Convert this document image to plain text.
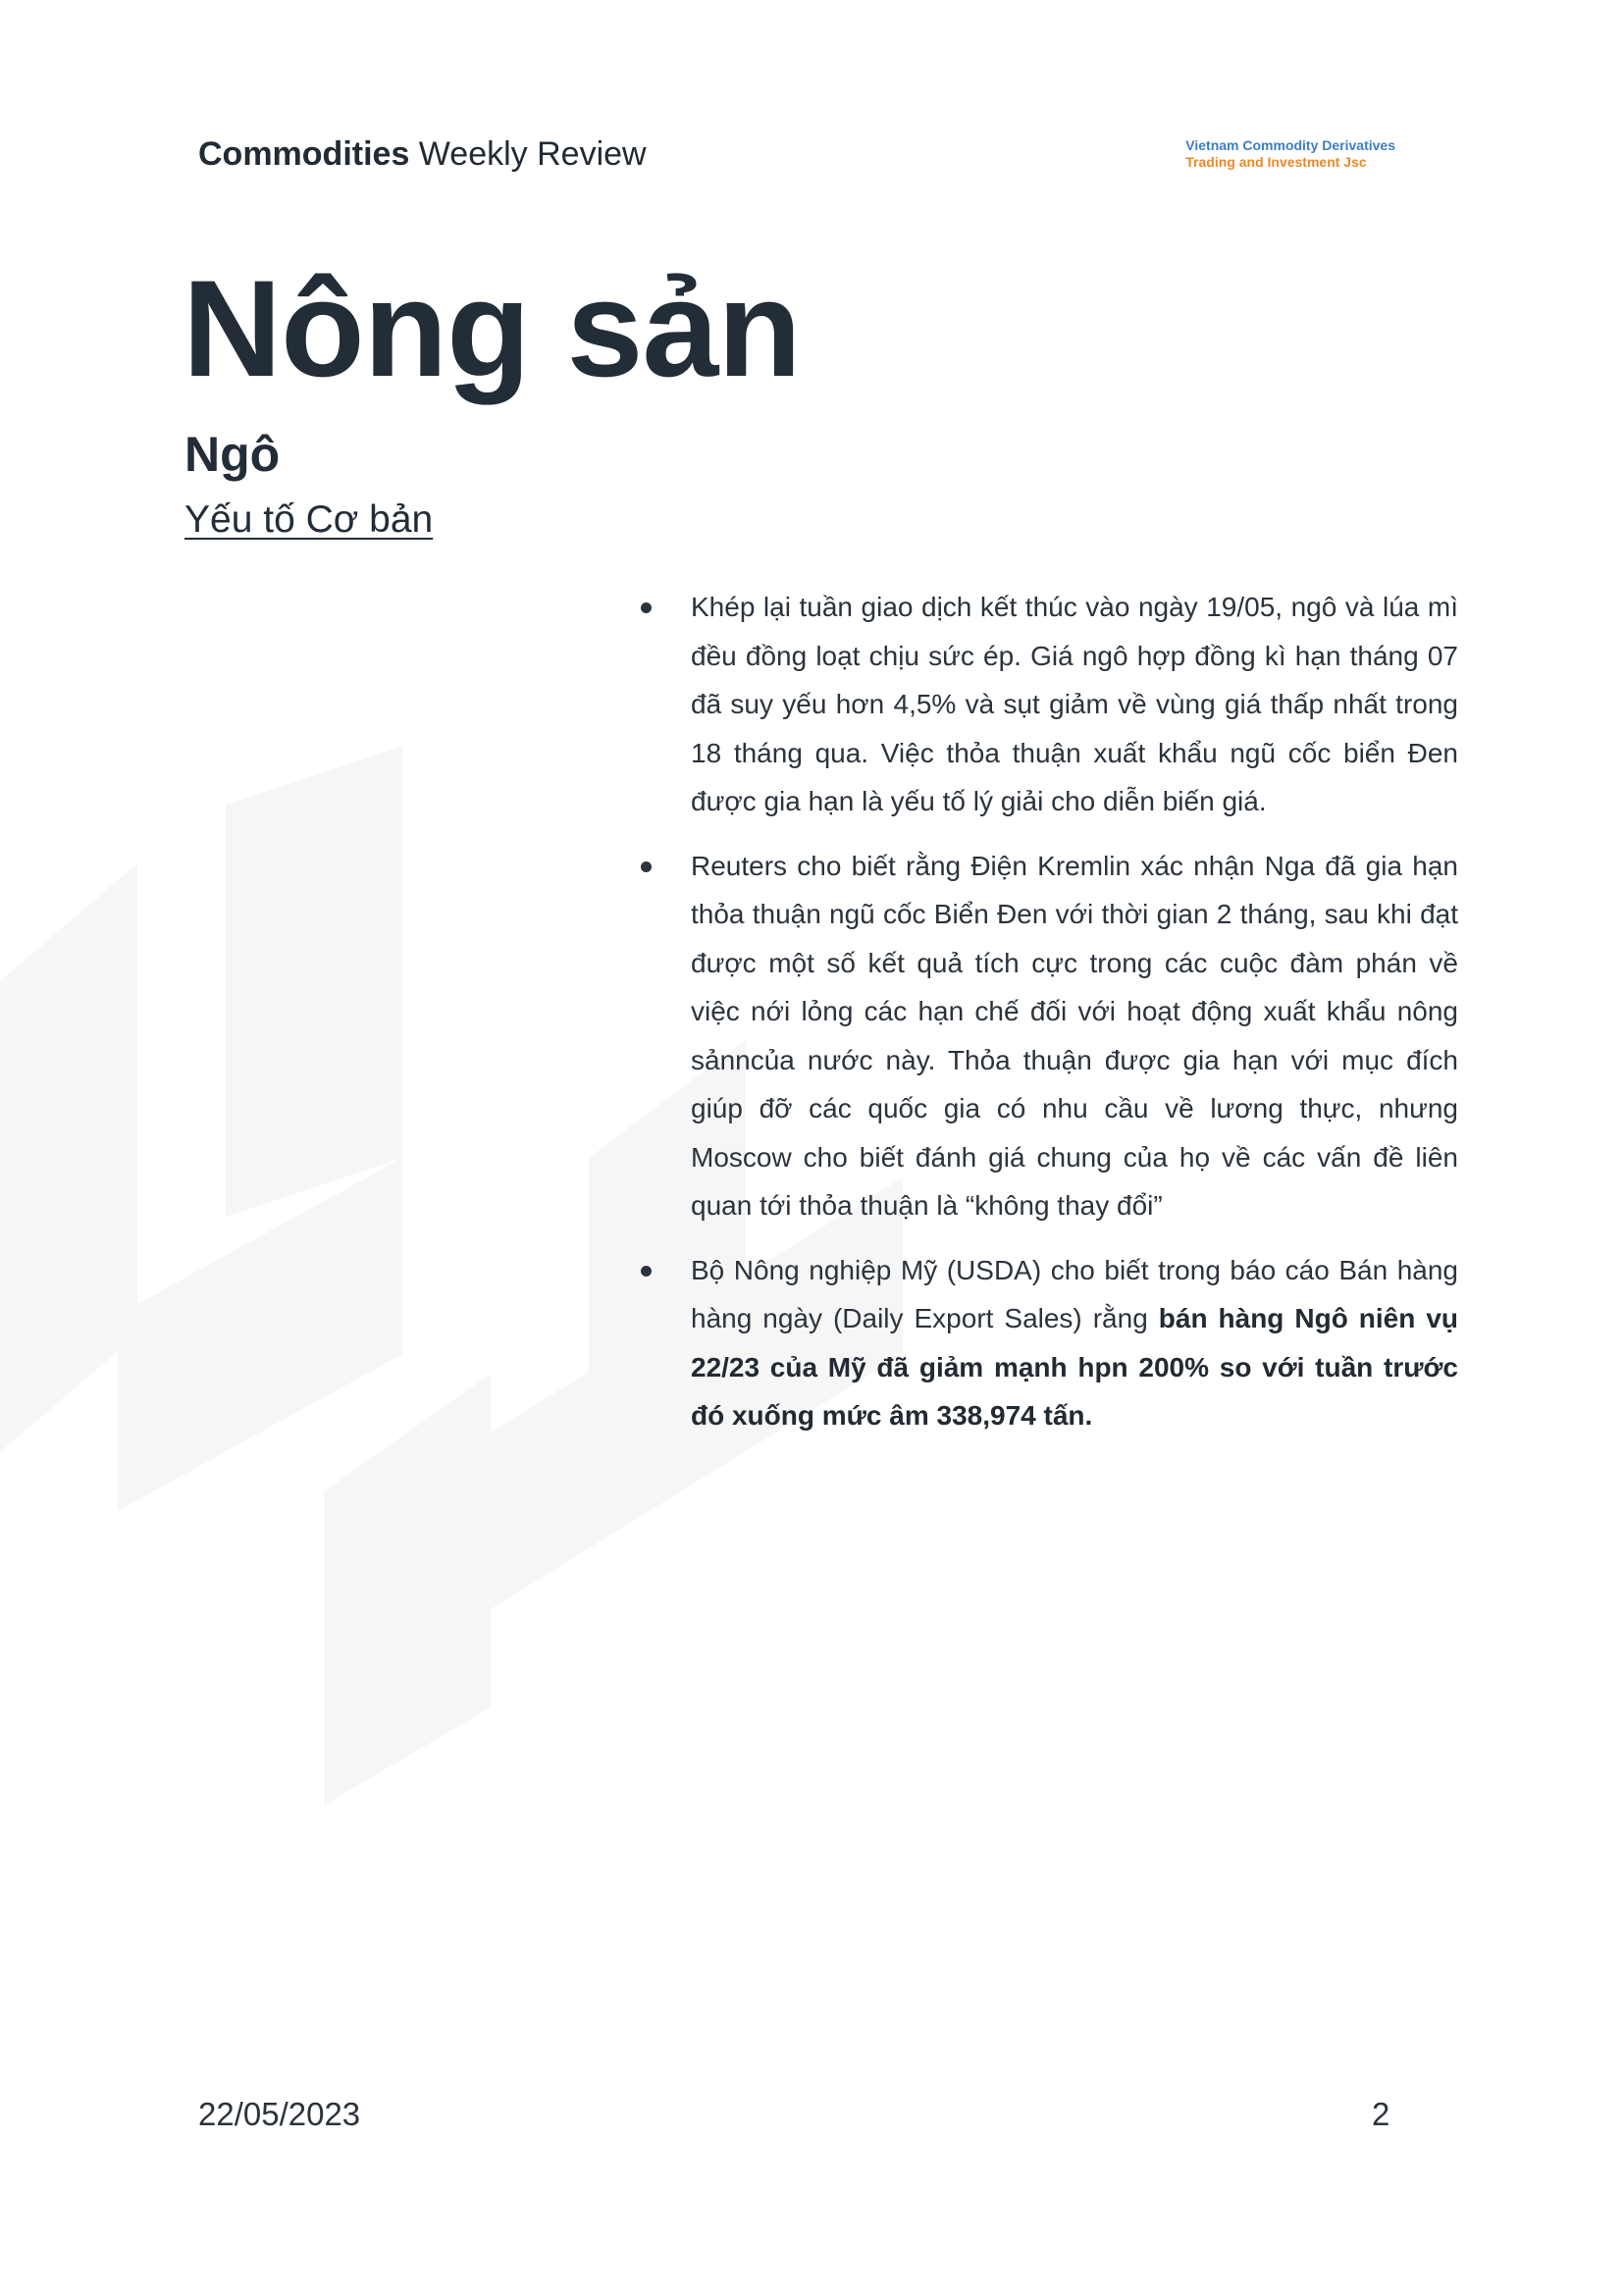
Commodities Weekly Review	Vietnam Commodity Derivatives
Trading and Investment Jsc
Nông sản
Ngô
Yếu tố Cơ bản
Khép lại tuần giao dịch kết thúc vào ngày 19/05, ngô và lúa mì đều đồng loạt chịu sức ép. Giá ngô hợp đồng kì hạn tháng 07 đã suy yếu hơn 4,5% và sụt giảm về vùng giá thấp nhất trong 18 tháng qua. Việc thỏa thuận xuất khẩu ngũ cốc biển Đen được gia hạn là yếu tố lý giải cho diễn biến giá.
Reuters cho biết rằng Điện Kremlin xác nhận Nga đã gia hạn thỏa thuận ngũ cốc Biển Đen với thời gian 2 tháng, sau khi đạt được một số kết quả tích cực trong các cuộc đàm phán về việc nới lỏng các hạn chế đối với hoạt động xuất khẩu nông sảnncủa nước này. Thỏa thuận được gia hạn với mục đích giúp đỡ các quốc gia có nhu cầu về lương thực, nhưng Moscow cho biết đánh giá chung của họ về các vấn đề liên quan tới thỏa thuận là “không thay đổi”
Bộ Nông nghiệp Mỹ (USDA) cho biết trong báo cáo Bán hàng hàng ngày (Daily Export Sales) rằng bán hàng Ngô niên vụ 22/23 của Mỹ đã giảm mạnh hpn 200% so với tuần trước đó xuống mức âm 338,974 tấn.
22/05/2023	2
